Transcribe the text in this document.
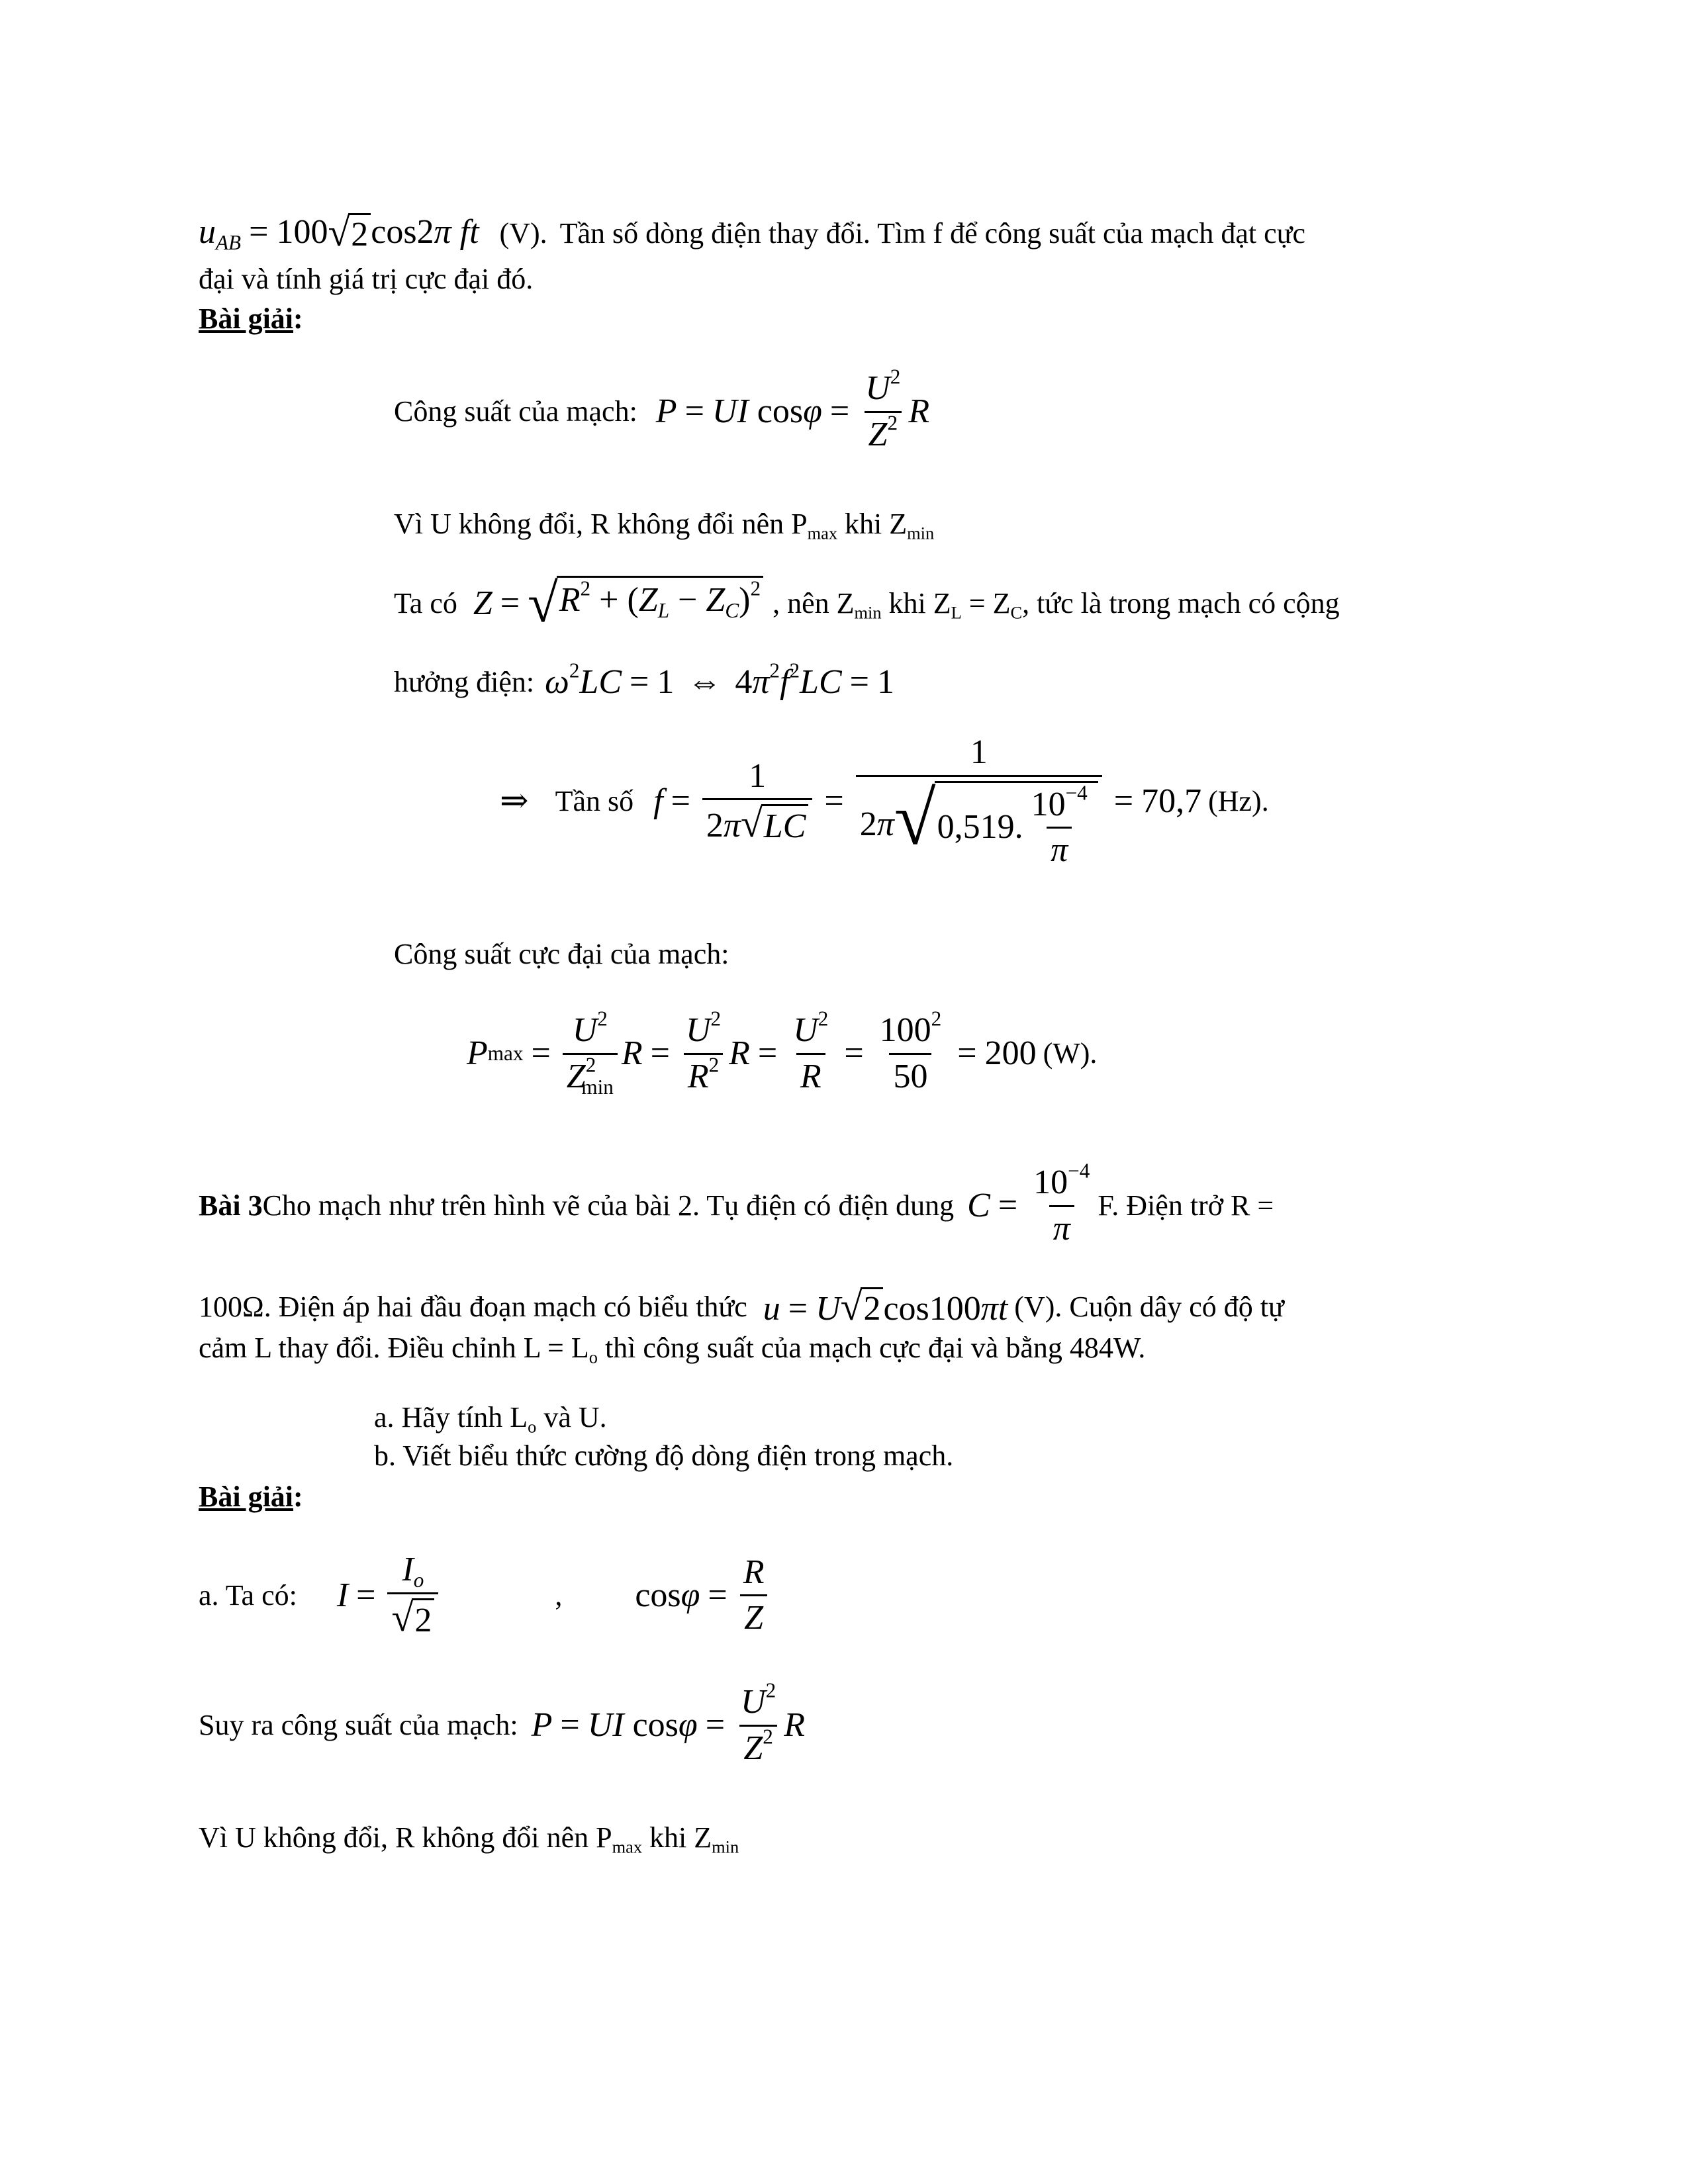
$u_{AB} = 100$ √ 2 cos2π ft (V). Tần số dòng điện thay đổi. Tìm f để công suất của mạch đạt cực
đại và tính giá trị cực đại đó.
Bài giải:
Công suất của mạch: P = UI $\cos \varphi = \frac{U^2}{Z^2}$ R
Vì U không đổi, R không đổi nên $P_{max}$ khi $Z_{min}$
Ta có Z = √ $R^2 + (Z_L - Z_C)^2$ , nên $Z_{min}$ khi $Z_L = Z_C$, tức là trong mạch có cộng
hưởng điện: $\omega^2LC = 1$ ⇔ $4\pi^2f^2LC = 1$
⇒ Tần số $f = \frac{1}{2\pi √ LC} = \frac{1}{2 \pi √ 0,519. \frac{10^{-4}}{\pi}} = 70,7$ (Hz).
Công suất cực đại của mạch:
P $\max = \frac{U^2}{Z^2_{min}}$ $R = \frac{U^2}{R^2}$ $R = \frac{U^2}{R} = \frac{100^2}{50} = 200$ (W).
Bài 3 Cho mạch như trên hình vẽ của bài 2. Tụ điện có điện dung $C = \frac{10^{-4}}{\pi} F$. Điện trở R =
100Ω. Điện áp hai đầu đoạn mạch có biểu thức u = U √ 2 cos100πt (V). Cuộn dây có độ tự
cảm L thay đổi. Điều chỉnh $L = L_o$ thì công suất của mạch cực đại và bằng 484W.
a. Hãy tính $L_o$ và U.
b. Viết biểu thức cường độ dòng điện trong mạch.
Bài giải:
a. Ta có: $I = \frac{I_o}{√ 2}$	, $\cos \varphi = \frac{R}{Z}$
Suy ra công suất của mạch: P = UI $\cos \varphi = \frac{U^2}{Z^2}$ R
Vì U không đổi, R không đổi nên $P_{max}$ khi $Z_{min}$
